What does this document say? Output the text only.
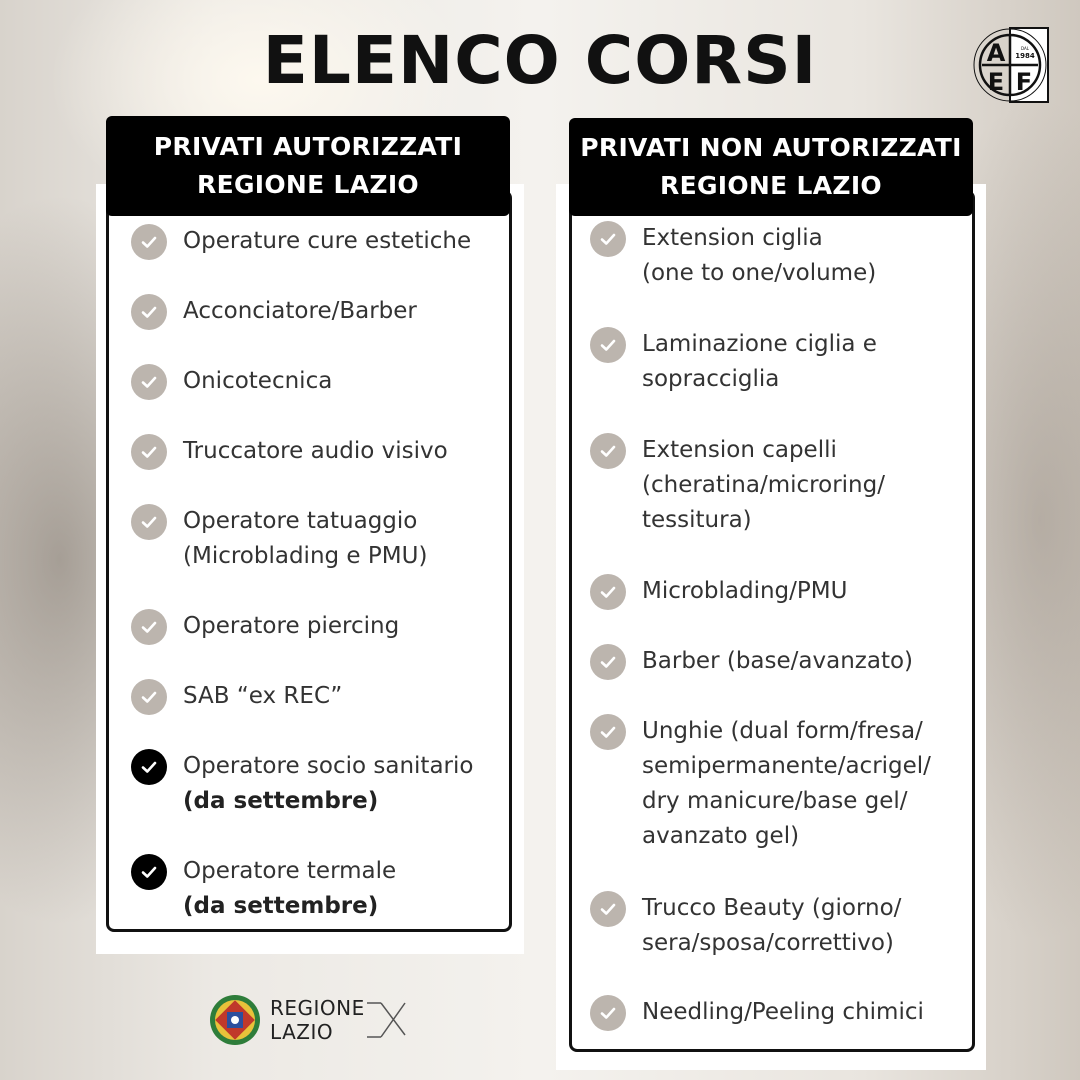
ELENCO CORSI	A
E F
DAL
1984
PRIVATI AUTORIZZATI
REGIONE LAZIO
Operature cure estetiche
Acconciatore/Barber
Onicotecnica
Truccatore audio visivo
Operatore tatuaggio
(Microblading e PMU)
Operatore piercing
SAB “ex REC”
Operatore socio sanitario
(da settembre)
Operatore termale
(da settembre)
PRIVATI NON AUTORIZZATI
REGIONE LAZIO
Extension ciglia
(one to one/volume)
Laminazione ciglia e
sopracciglia
Extension capelli
(cheratina/microring/
tessitura)
Microblading/PMU
Barber (base/avanzato)
Unghie (dual form/fresa/
semipermanente/acrigel/
dry manicure/base gel/
avanzato gel)
Trucco Beauty (giorno/
sera/sposa/correttivo)
Needling/Peeling chimici
REGIONE
LAZIO
